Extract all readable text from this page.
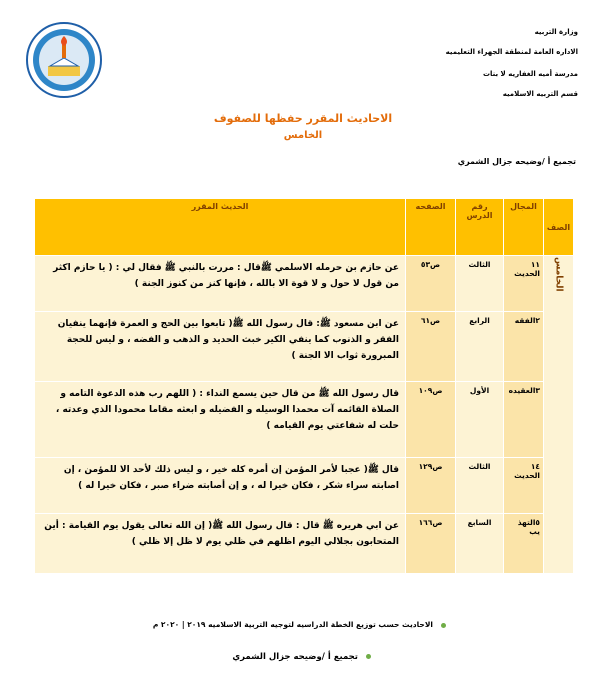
وزارة التربيه
الاداره العامة لمنطقة الجهراء التعليميه
مدرسة أميه الغفاريه لا بنات
قسم التربيه الاسلاميه
الاحاديث المقرر حفظها للصفوف
الخامس
تجميع أ /وضيحه جزال الشمري
الصف	المجال	رقم الدرس	الصفحه	الحديث المقرر
الخامس	١١ الحديث	الثالث	ص٥٣	عن حازم بن حرمله الاسلمي ﷺقال : مررت بالنبي ﷺ فقال لي : ( يا حازم اكثر من قول لا حول و لا قوة الا بالله ، فإنها كنز من كنوز الجنة )
	٢الفقه	الرابع	ص٦١	عن ابن مسعود ﷺ: قال رسول الله ﷺ( تابعوا بين الحج و العمرة فإنهما ينفيان الفقر و الذنوب كما ينفي الكير خبث الحديد و الذهب و الفضه ، و ليس للحجة المبرورة ثواب الا الجنة )
	٣العقيده	الأول	ص١٠٩	قال رسول الله ﷺ من قال حين يسمع النداء : ( اللهم رب هذه الدعوة التامه و الصلاة القائمه آت محمدا الوسيله و الفضيله و ابعثه مقاما محمودا الذي وعدته ، حلت له شفاعتي يوم القيامه )
	١٤ الحديث	الثالث	ص١٢٩	قال ﷺ( عجبا لأمر المؤمن إن أمره كله خير ، و ليس ذلك لأحد الا للمؤمن ، إن اصابته سراء شكر ، فكان خيرا له ، و إن أصابته ضراء صبر ، فكان خيرا له )
	٥التهذ يب	السابع	ص١٦٦	عن ابي هريره ﷺ قال : قال رسول الله ﷺ( إن الله تعالى يقول يوم القيامة : أين المتحابون بجلالي اليوم اظلهم في ظلي يوم لا ظل إلا ظلي )
الاحاديث حسب توزيع الخطة الدراسيه لتوجيه التربية الاسلاميه ٢٠١٩ | ٢٠٢٠ م
تجميع أ /وضيحه جزال الشمري
